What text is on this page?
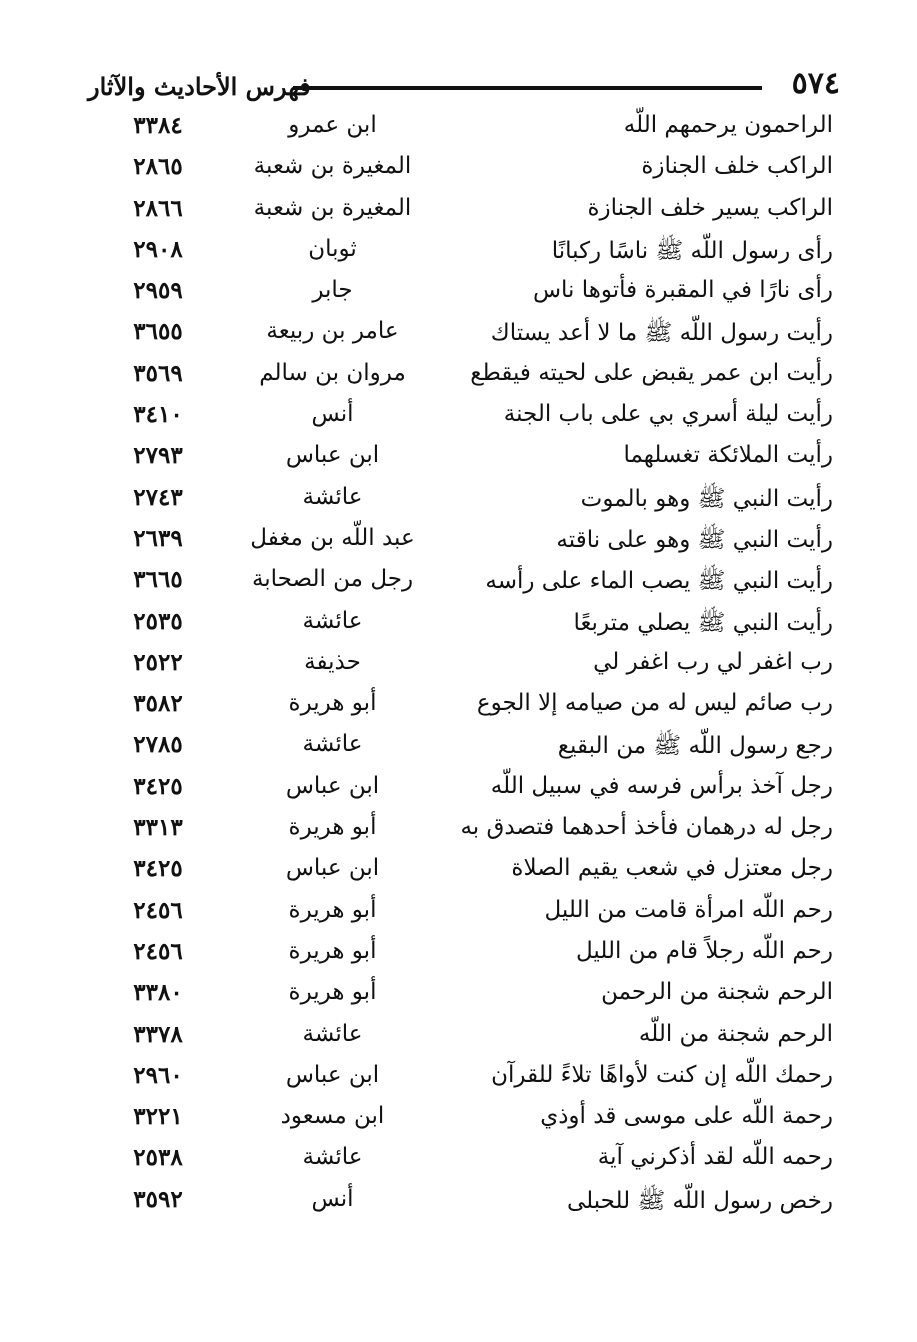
٥٧٤
فهرس الأحاديث والآثار
الراحمون يرحمهم اللّه
ابن عمرو
٣٣٨٤
الراكب خلف الجنازة
المغيرة بن شعبة
٢٨٦٥
الراكب يسير خلف الجنازة
المغيرة بن شعبة
٢٨٦٦
رأى رسول اللّه ﷺ ناسًا ركبانًا
ثوبان
٢٩٠٨
رأى نارًا في المقبرة فأتوها ناس
جابر
٢٩٥٩
رأيت رسول اللّه ﷺ ما لا أعد يستاك
عامر بن ربيعة
٣٦٥٥
رأيت ابن عمر يقبض على لحيته فيقطع
مروان بن سالم
٣٥٦٩
رأيت ليلة أسري بي على باب الجنة
أنس
٣٤١٠
رأيت الملائكة تغسلهما
ابن عباس
٢٧٩٣
رأيت النبي ﷺ وهو بالموت
عائشة
٢٧٤٣
رأيت النبي ﷺ وهو على ناقته
عبد اللّه بن مغفل
٢٦٣٩
رأيت النبي ﷺ يصب الماء على رأسه
رجل من الصحابة
٣٦٦٥
رأيت النبي ﷺ يصلي متربعًا
عائشة
٢٥٣٥
رب اغفر لي رب اغفر لي
حذيفة
٢٥٢٢
رب صائم ليس له من صيامه إلا الجوع
أبو هريرة
٣٥٨٢
رجع رسول اللّه ﷺ من البقيع
عائشة
٢٧٨٥
رجل آخذ برأس فرسه في سبيل اللّه
ابن عباس
٣٤٢٥
رجل له درهمان فأخذ أحدهما فتصدق به
أبو هريرة
٣٣١٣
رجل معتزل في شعب يقيم الصلاة
ابن عباس
٣٤٢٥
رحم اللّه امرأة قامت من الليل
أبو هريرة
٢٤٥٦
رحم اللّه رجلاً قام من الليل
أبو هريرة
٢٤٥٦
الرحم شجنة من الرحمن
أبو هريرة
٣٣٨٠
الرحم شجنة من اللّه
عائشة
٣٣٧٨
رحمك اللّه إن كنت لأواهًا تلاءً للقرآن
ابن عباس
٢٩٦٠
رحمة اللّه على موسى قد أوذي
ابن مسعود
٣٢٢١
رحمه اللّه لقد أذكرني آية
عائشة
٢٥٣٨
رخص رسول اللّه ﷺ للحبلى
أنس
٣٥٩٢
